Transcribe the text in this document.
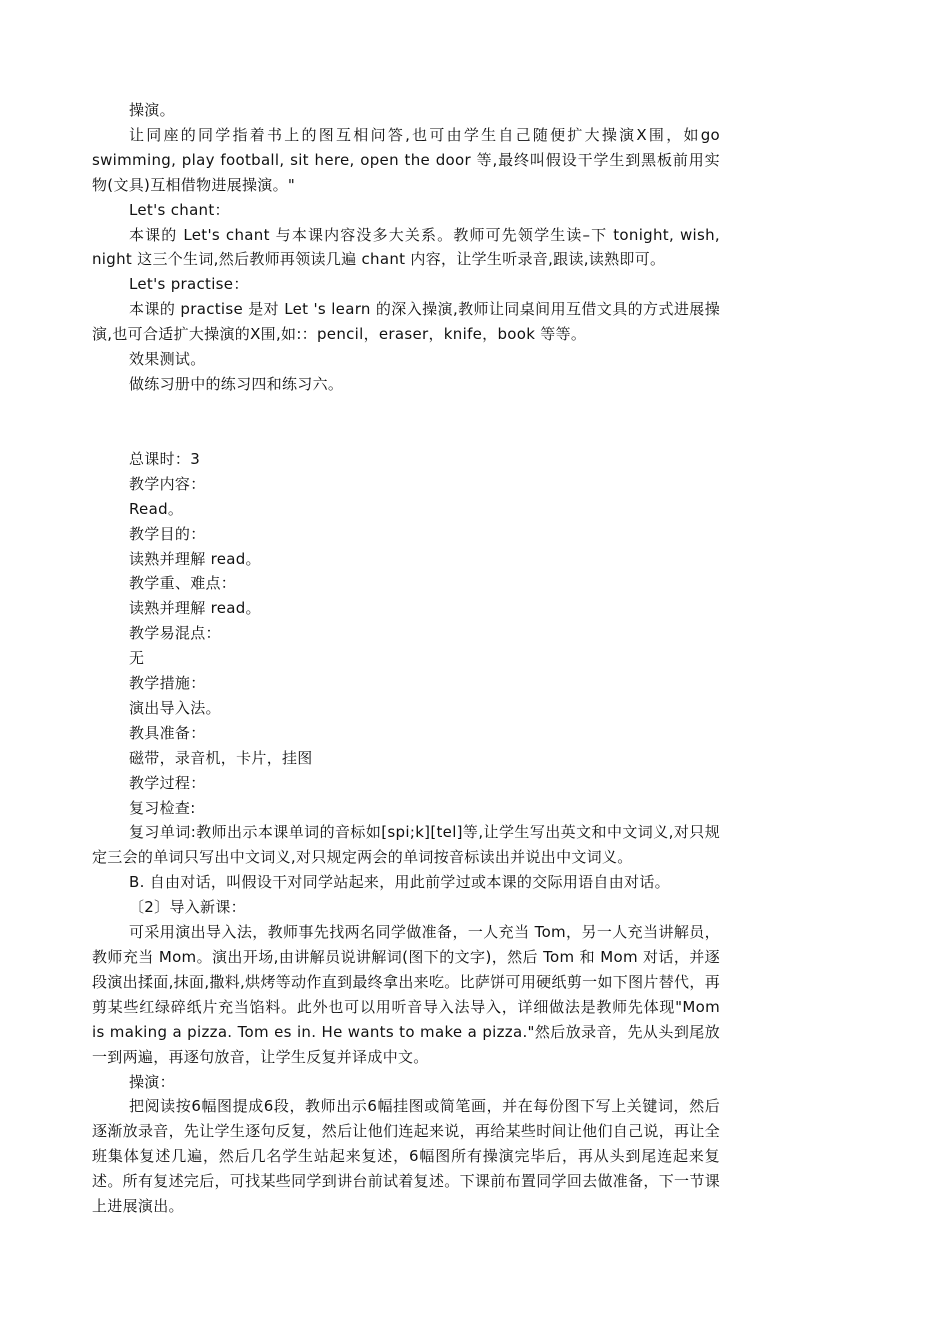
操演。

让同座的同学指着书上的图互相问答,也可由学生自己随便扩大操演X围，如go swimming, play football, sit here, open the door 等,最终叫假设干学生到黑板前用实物(文具)互相借物进展操演。"

Let's chant：

本课的 Let's chant 与本课内容没多大关系。教师可先领学生读–下 tonight, wish, night 这三个生词,然后教师再领读几遍 chant 内容，让学生听录音,跟读,读熟即可。

Let's practise：

本课的 practise 是对 Let 's learn 的深入操演,教师让同桌间用互借文具的方式进展操演,也可合适扩大操演的X围,如:：pencil，eraser，knife，book 等等。

效果测试。

做练习册中的练习四和练习六。

总课时：3

教学内容：

Read。

教学目的：

读熟并理解 read。

教学重、难点：

读熟并理解 read。

教学易混点：

无

教学措施：

演出导入法。

教具准备：

磁带，录音机，卡片，挂图

教学过程：

复习检查:

复习单词:教师出示本课单词的音标如[spi;k][tel]等,让学生写出英文和中文词义,对只规定三会的单词只写出中文词义,对只规定两会的单词按音标读出并说出中文词义。

B. 自由对话，叫假设干对同学站起来，用此前学过或本课的交际用语自由对话。

〔2〕导入新课：

可采用演出导入法，教师事先找两名同学做准备，一人充当 Tom，另一人充当讲解员，教师充当 Mom。演出开场,由讲解员说讲解词(图下的文字)，然后 Tom 和 Mom 对话，并逐段演出揉面,抹面,撒料,烘烤等动作直到最终拿出来吃。比萨饼可用硬纸剪一如下图片替代，再剪某些红绿碎纸片充当馅料。此外也可以用听音导入法导入，详细做法是教师先体现"Mom is making a pizza. Tom es in. He wants to make a pizza."然后放录音，先从头到尾放一到两遍，再逐句放音，让学生反复并译成中文。

操演：

把阅读按6幅图提成6段，教师出示6幅挂图或简笔画，并在每份图下写上关键词，然后逐渐放录音，先让学生逐句反复，然后让他们连起来说，再给某些时间让他们自己说，再让全班集体复述几遍，然后几名学生站起来复述，6幅图所有操演完毕后，再从头到尾连起来复述。所有复述完后，可找某些同学到讲台前试着复述。下课前布置同学回去做准备，下一节课上进展演出。
